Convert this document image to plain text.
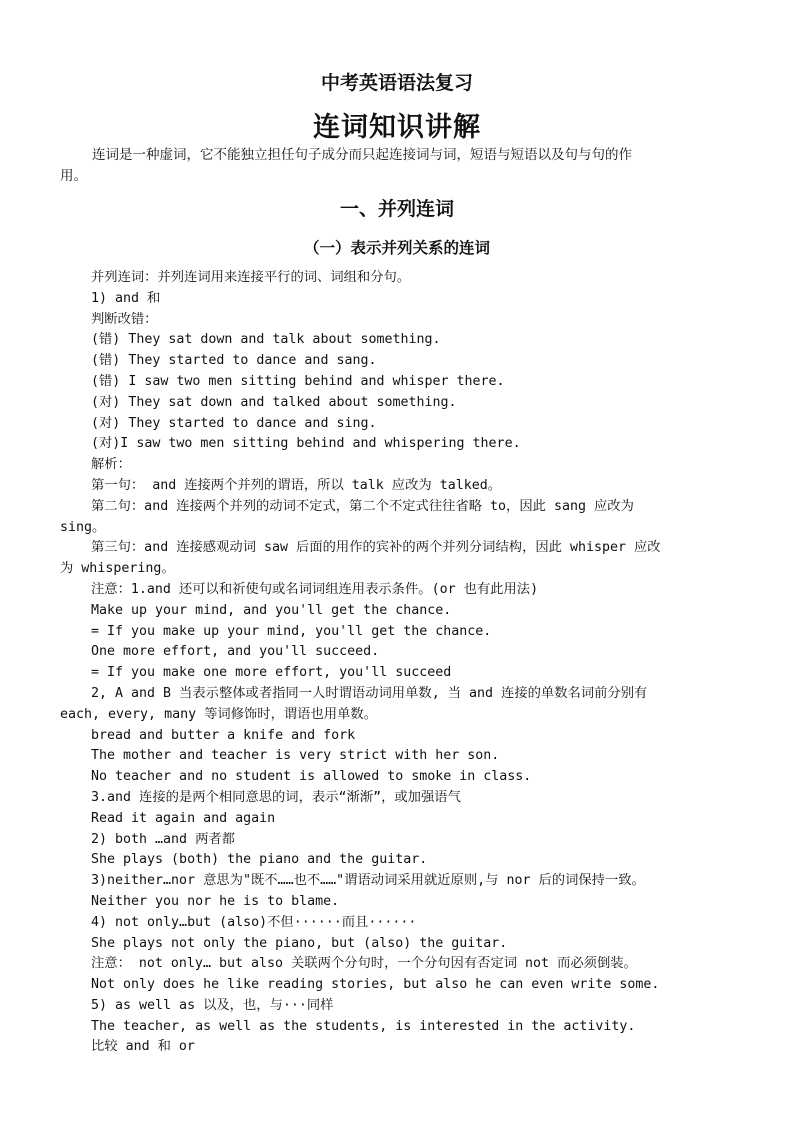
中考英语语法复习
连词知识讲解
连词是一种虚词，它不能独立担任句子成分而只起连接词与词，短语与短语以及句与句的作
用。
一、并列连词
（一）表示并列关系的连词
并列连词：并列连词用来连接平行的词、词组和分句。
1) and 和
判断改错：
(错) They sat down and talk about something.
(错) They started to dance and sang.
(错) I saw two men sitting behind and whisper there.
(对) They sat down and talked about something.
(对) They started to dance and sing.
(对)I saw two men sitting behind and whispering there.
解析：
第一句： and 连接两个并列的谓语，所以 talk 应改为 talked。
第二句：and 连接两个并列的动词不定式，第二个不定式往往省略 to，因此 sang 应改为
sing。
第三句：and 连接感观动词 saw 后面的用作的宾补的两个并列分词结构，因此 whisper 应改
为 whispering。
注意：1.and 还可以和祈使句或名词词组连用表示条件。(or 也有此用法)
Make up your mind, and you'll get the chance.
= If you make up your mind, you'll get the chance.
One more effort, and you'll succeed.
= If you make one more effort, you'll succeed
2, A and B 当表示整体或者指同一人时谓语动词用单数, 当 and 连接的单数名词前分别有
each, every, many 等词修饰时，谓语也用单数。
bread and butter a knife and fork
The mother and teacher is very strict with her son.
No teacher and no student is allowed to smoke in class.
3.and 连接的是两个相同意思的词，表示“渐渐”，或加强语气
Read it again and again
2) both …and 两者都
She plays (both) the piano and the guitar.
3)neither…nor 意思为"既不……也不……"谓语动词采用就近原则,与 nor 后的词保持一致。
Neither you nor he is to blame.
4) not only…but (also)不但······而且······
She plays not only the piano, but (also) the guitar.
注意： not only… but also 关联两个分句时，一个分句因有否定词 not 而必须倒装。
Not only does he like reading stories, but also he can even write some.
5) as well as 以及，也，与···同样
The teacher, as well as the students, is interested in the activity.
比较 and 和 or
